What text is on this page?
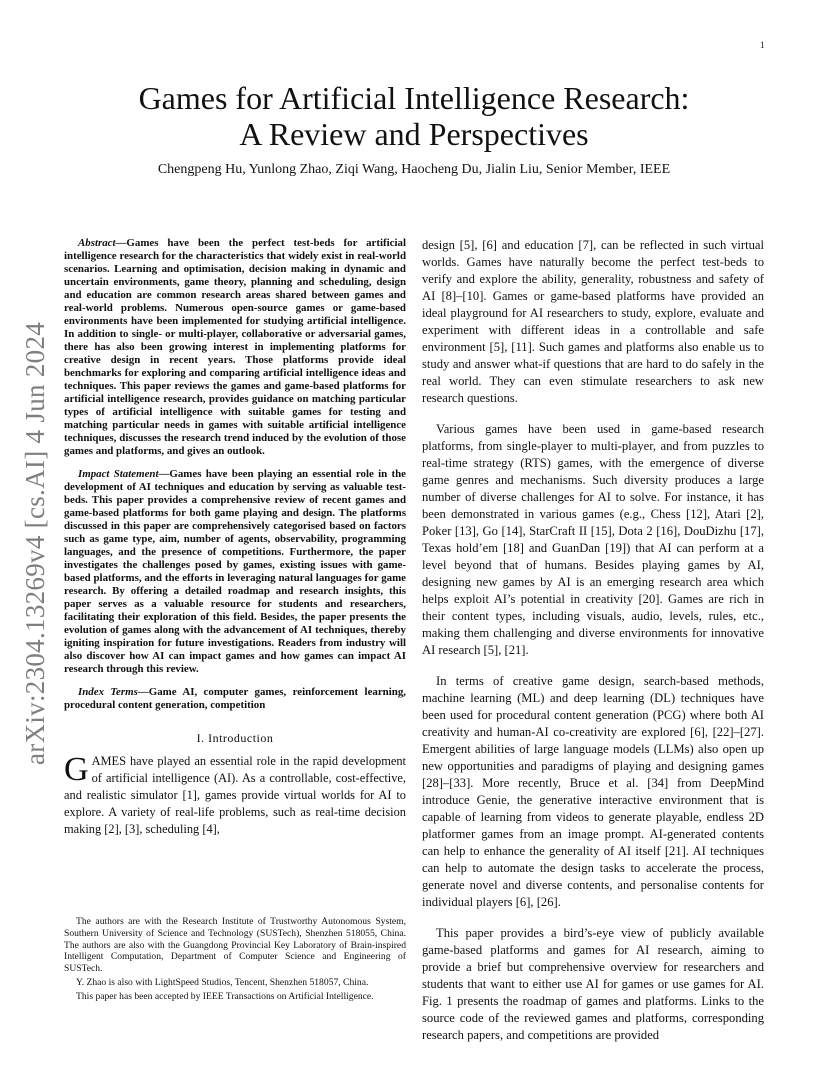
1
arXiv:2304.13269v4 [cs.AI] 4 Jun 2024
Games for Artificial Intelligence Research:
A Review and Perspectives
Chengpeng Hu, Yunlong Zhao, Ziqi Wang, Haocheng Du, Jialin Liu, Senior Member, IEEE

Abstract—Games have been the perfect test-beds for artificial intelligence research for the characteristics that widely exist in real-world scenarios. Learning and optimisation, decision making in dynamic and uncertain environments, game theory, planning and scheduling, design and education are common research areas shared between games and real-world problems. Numerous open-source games or game-based environments have been implemented for studying artificial intelligence. In addition to single- or multi-player, collaborative or adversarial games, there has also been growing interest in implementing platforms for creative design in recent years. Those platforms provide ideal benchmarks for exploring and comparing artificial intelligence ideas and techniques. This paper reviews the games and game-based platforms for artificial intelligence research, provides guidance on matching particular types of artificial intelligence with suitable games for testing and matching particular needs in games with suitable artificial intelligence techniques, discusses the research trend induced by the evolution of those games and platforms, and gives an outlook.

Impact Statement—Games have been playing an essential role in the development of AI techniques and education by serving as valuable test-beds. This paper provides a comprehensive review of recent games and game-based platforms for both game playing and design. The platforms discussed in this paper are comprehensively categorised based on factors such as game type, aim, number of agents, observability, programming languages, and the presence of competitions. Furthermore, the paper investigates the challenges posed by games, existing issues with game-based platforms, and the efforts in leveraging natural languages for game research. By offering a detailed roadmap and research insights, this paper serves as a valuable resource for students and researchers, facilitating their exploration of this field. Besides, the paper presents the evolution of games along with the advancement of AI techniques, thereby igniting inspiration for future investigations. Readers from industry will also discover how AI can impact games and how games can impact AI research through this review.

Index Terms—Game AI, computer games, reinforcement learning, procedural content generation, competition

I. Introduction

GAMES have played an essential role in the rapid development of artificial intelligence (AI). As a controllable, cost-effective, and realistic simulator [1], games provide virtual worlds for AI to explore. A variety of real-life problems, such as real-time decision making [2], [3], scheduling [4],

The authors are with the Research Institute of Trustworthy Autonomous System, Southern University of Science and Technology (SUSTech), Shenzhen 518055, China. The authors are also with the Guangdong Provincial Key Laboratory of Brain-inspired Intelligent Computation, Department of Computer Science and Engineering of SUSTech.

Y. Zhao is also with LightSpeed Studios, Tencent, Shenzhen 518057, China.

This paper has been accepted by IEEE Transactions on Artificial Intelligence.

design [5], [6] and education [7], can be reflected in such virtual worlds. Games have naturally become the perfect test-beds to verify and explore the ability, generality, robustness and safety of AI [8]–[10]. Games or game-based platforms have provided an ideal playground for AI researchers to study, explore, evaluate and experiment with different ideas in a controllable and safe environment [5], [11]. Such games and platforms also enable us to study and answer what-if questions that are hard to do safely in the real world. They can even stimulate researchers to ask new research questions.

Various games have been used in game-based research platforms, from single-player to multi-player, and from puzzles to real-time strategy (RTS) games, with the emergence of diverse game genres and mechanisms. Such diversity produces a large number of diverse challenges for AI to solve. For instance, it has been demonstrated in various games (e.g., Chess [12], Atari [2], Poker [13], Go [14], StarCraft II [15], Dota 2 [16], DouDizhu [17], Texas hold’em [18] and GuanDan [19]) that AI can perform at a level beyond that of humans. Besides playing games by AI, designing new games by AI is an emerging research area which helps exploit AI’s potential in creativity [20]. Games are rich in their content types, including visuals, audio, levels, rules, etc., making them challenging and diverse environments for innovative AI research [5], [21].

In terms of creative game design, search-based methods, machine learning (ML) and deep learning (DL) techniques have been used for procedural content generation (PCG) where both AI creativity and human-AI co-creativity are explored [6], [22]–[27]. Emergent abilities of large language models (LLMs) also open up new opportunities and paradigms of playing and designing games [28]–[33]. More recently, Bruce et al. [34] from DeepMind introduce Genie, the generative interactive environment that is capable of learning from videos to generate playable, endless 2D platformer games from an image prompt. AI-generated contents can help to enhance the generality of AI itself [21]. AI techniques can help to automate the design tasks to accelerate the process, generate novel and diverse contents, and personalise contents for individual players [6], [26].

This paper provides a bird’s-eye view of publicly available game-based platforms and games for AI research, aiming to provide a brief but comprehensive overview for researchers and students that want to either use AI for games or use games for AI. Fig. 1 presents the roadmap of games and platforms. Links to the source code of the reviewed games and platforms, corresponding research papers, and competitions are provided
